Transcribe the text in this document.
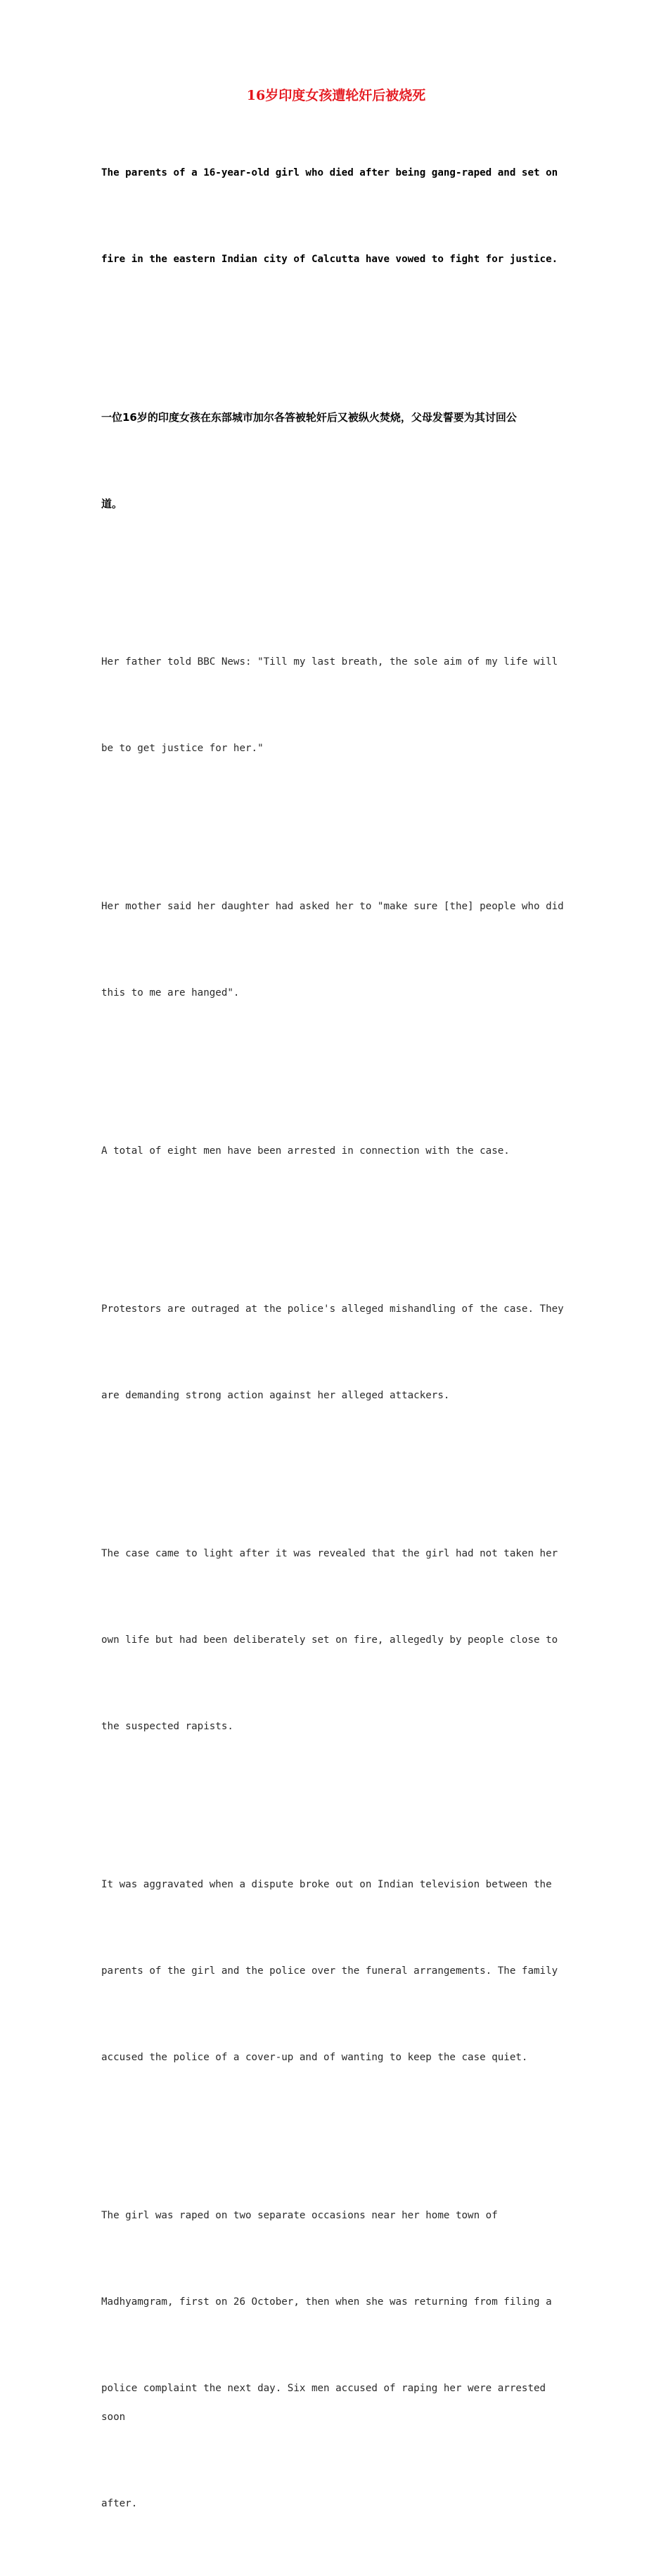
16岁印度女孩遭轮奸后被烧死

The parents of a 16-year-old girl who died after being gang-raped and set on

fire in the eastern Indian city of Calcutta have vowed to fight for justice.

一位16岁的印度女孩在东部城市加尔各答被轮奸后又被纵火焚烧，父母发誓要为其讨回公

道。

Her father told BBC News: "Till my last breath, the sole aim of my life will

be to get justice for her."

Her mother said her daughter had asked her to "make sure [the] people who did

this to me are hanged".

A total of eight men have been arrested in connection with the case.

Protestors are outraged at the police's alleged mishandling of the case. They

are demanding strong action against her alleged attackers.

The case came to light after it was revealed that the girl had not taken her

own life but had been deliberately set on fire, allegedly by people close to

the suspected rapists.

It was aggravated when a dispute broke out on Indian television between the

parents of the girl and the police over the funeral arrangements. The family

accused the police of a cover-up and of wanting to keep the case quiet.

The girl was raped on two separate occasions near her home town of

Madhyamgram, first on 26 October, then when she was returning from filing a

police complaint the next day. Six men accused of raping her were arrested soon

after.
